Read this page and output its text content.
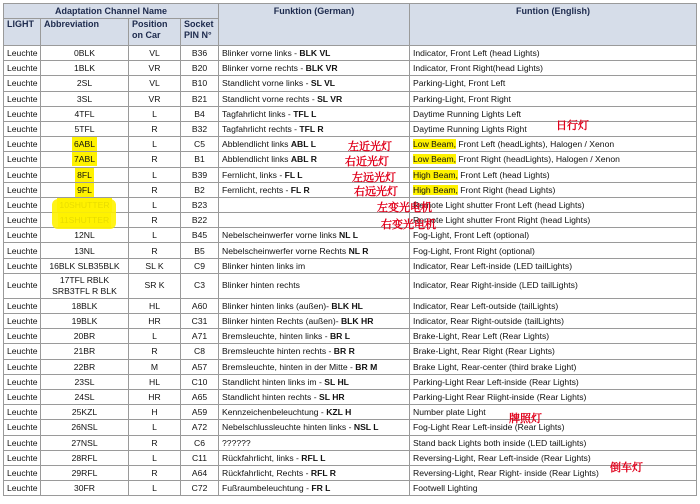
Adaptation Channel Name				Funktion (German)	Funtion (English)
LIGHT	Abbreviation	Position on Car	Socket PIN N°		
Leuchte	0BLK	VL	B36	Blinker vorne links - BLK VL	Indicator, Front Left (head Lights)
Leuchte	1BLK	VR	B20	Blinker vorne rechts - BLK VR	Indicator, Front Right(head Lights)
Leuchte	2SL	VL	B10	Standlicht vorne links - SL VL	Parking-Light, Front Left
Leuchte	3SL	VR	B21	Standlicht vorne rechts - SL VR	Parking-Light, Front Right
Leuchte	4TFL	L	B4	Tagfahrlicht links - TFL L	Daytime Running Lights Left
Leuchte	5TFL	R	B32	Tagfahrlicht rechts - TFL R	Daytime Running Lights Right
Leuchte	6ABL	L	C5	Abblendlicht links ABL L	Low Beam, Front Left (headLights), Halogen / Xenon
Leuchte	7ABL	R	B1	Abblendlicht links ABL R	Low Beam, Front Right (headLights), Halogen / Xenon
Leuchte	8FL	L	B39	Fernlicht, links - FL L	High Beam, Front Left (head Lights)
Leuchte	9FL	R	B2	Fernlicht, rechts - FL R	High Beam, Front Right (head Lights)
Leuchte		L	B23		Remote Light shutter Front Left (head Lights)
Leuchte		R	B22		Remote Light shutter Front Right (head Lights)
Leuchte	12NL	L	B45	Nebelscheinwerfer vorne links NL L	Fog-Light, Front Left (optional)
Leuchte	13NL	R	B5	Nebelscheinwerfer vorne Rechts NL R	Fog-Light, Front Right (optional)
Leuchte	16BLK SLB35BLK	SL K	C9	Blinker hinten links im	Indicator, Rear Left-inside (LED tailLights)
Leuchte	17TFL RBLK SRB3TFL R BLK	SR K	C3	Blinker hinten rechts	Indicator, Rear Right-inside (LED tailLights)
Leuchte	18BLK	HL	A60	Blinker hinten links (außen)- BLK HL	Indicator, Rear Left-outside (tailLights)
Leuchte	19BLK	HR	C31	Blinker hinten Rechts (außen)- BLK HR	Indicator, Rear Right-outside (tailLights)
Leuchte	20BR	L	A71	Bremsleuchte, hinten links - BR L	Brake-Light, Rear Left (Rear Lights)
Leuchte	21BR	R	C8	Bremsleuchte hinten rechts - BR R	Brake-Light, Rear Right (Rear Lights)
Leuchte	22BR	M	A57	Bremsleuchte, hinten in der Mitte - BR M	Brake Light, Rear-center (third brake Light)
Leuchte	23SL	HL	C10	Standlicht hinten links im - SL HL	Parking-Light Rear Left-inside (Rear Lights)
Leuchte	24SL	HR	A65	Standlicht hinten rechts - SL HR	Parking-Light Rear Riight-inside (Rear Lights)
Leuchte	25KZL	H	A59	Kennzeichenbeleuchtung - KZL H	Number plate Light
Leuchte	26NSL	L	A72	Nebelschlussleuchte hinten links - NSL L	Fog-Light Rear Left-inside (Rear Lights)
Leuchte	27NSL	R	C6	??????	Stand back Lights both inside (LED tailLights)
Leuchte	28RFL	L	C11	Rückfahrlicht, links - RFL L	Reversing-Light, Rear Left-inside (Rear Lights)
Leuchte	29RFL	R	A64	Rückfahrlicht, Rechts - RFL R	Reversing-Light, Rear Right- inside (Rear Lights)
Leuchte	30FR	L	C72	Fußraumbeleuchtung - FR L	Footwell Lighting
日行灯
左近光灯
右近光灯
左远光灯
右远光灯
左变光电机
右变光电机
牌照灯
倒车灯
